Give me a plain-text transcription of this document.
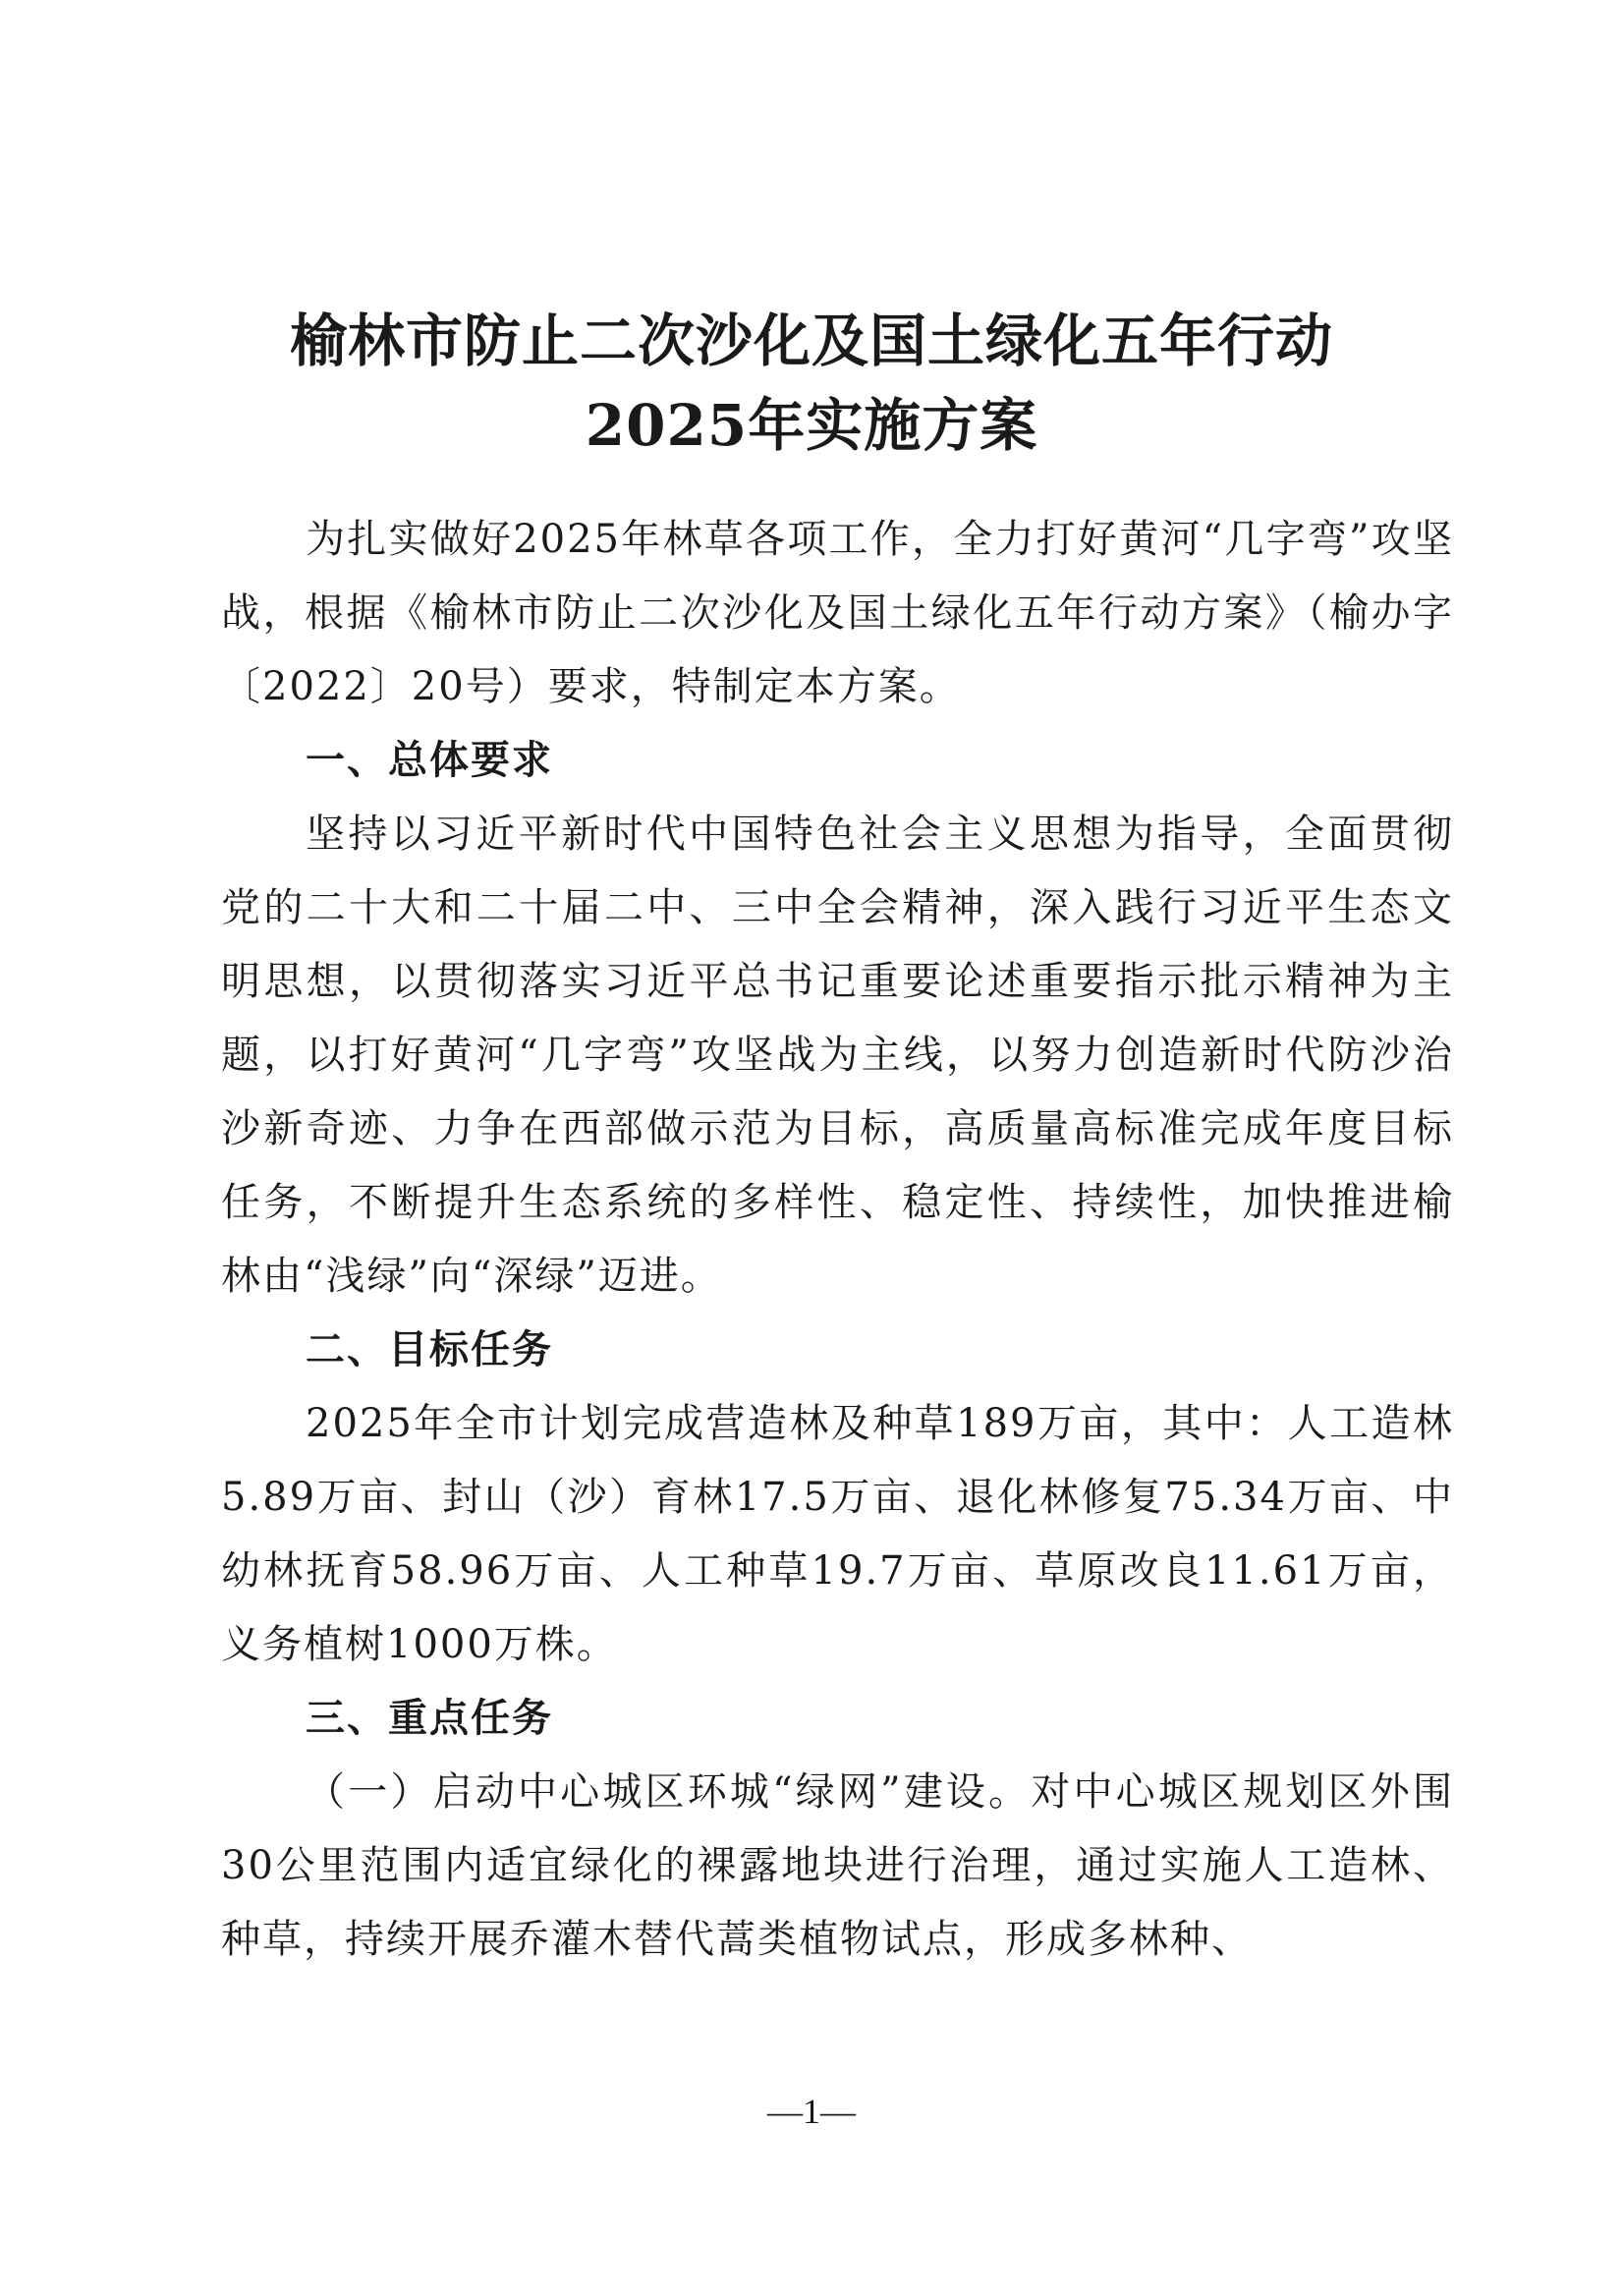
榆林市防止二次沙化及国土绿化五年行动
2025年实施方案

为扎实做好2025年林草各项工作，全力打好黄河“几字弯”攻坚战，根据《榆林市防止二次沙化及国土绿化五年行动方案》（榆办字〔2022〕20号）要求，特制定本方案。

一、总体要求

坚持以习近平新时代中国特色社会主义思想为指导，全面贯彻党的二十大和二十届二中、三中全会精神，深入践行习近平生态文明思想，以贯彻落实习近平总书记重要论述重要指示批示精神为主题，以打好黄河“几字弯”攻坚战为主线，以努力创造新时代防沙治沙新奇迹、力争在西部做示范为目标，高质量高标准完成年度目标任务，不断提升生态系统的多样性、稳定性、持续性，加快推进榆林由“浅绿”向“深绿”迈进。

二、目标任务

2025年全市计划完成营造林及种草189万亩，其中：人工造林5.89万亩、封山（沙）育林17.5万亩、退化林修复75.34万亩、中幼林抚育58.96万亩、人工种草19.7万亩、草原改良11.61万亩，义务植树1000万株。

三、重点任务

（一）启动中心城区环城“绿网”建设。对中心城区规划区外围30公里范围内适宜绿化的裸露地块进行治理，通过实施人工造林、种草，持续开展乔灌木替代蒿类植物试点，形成多林种、

—1—
